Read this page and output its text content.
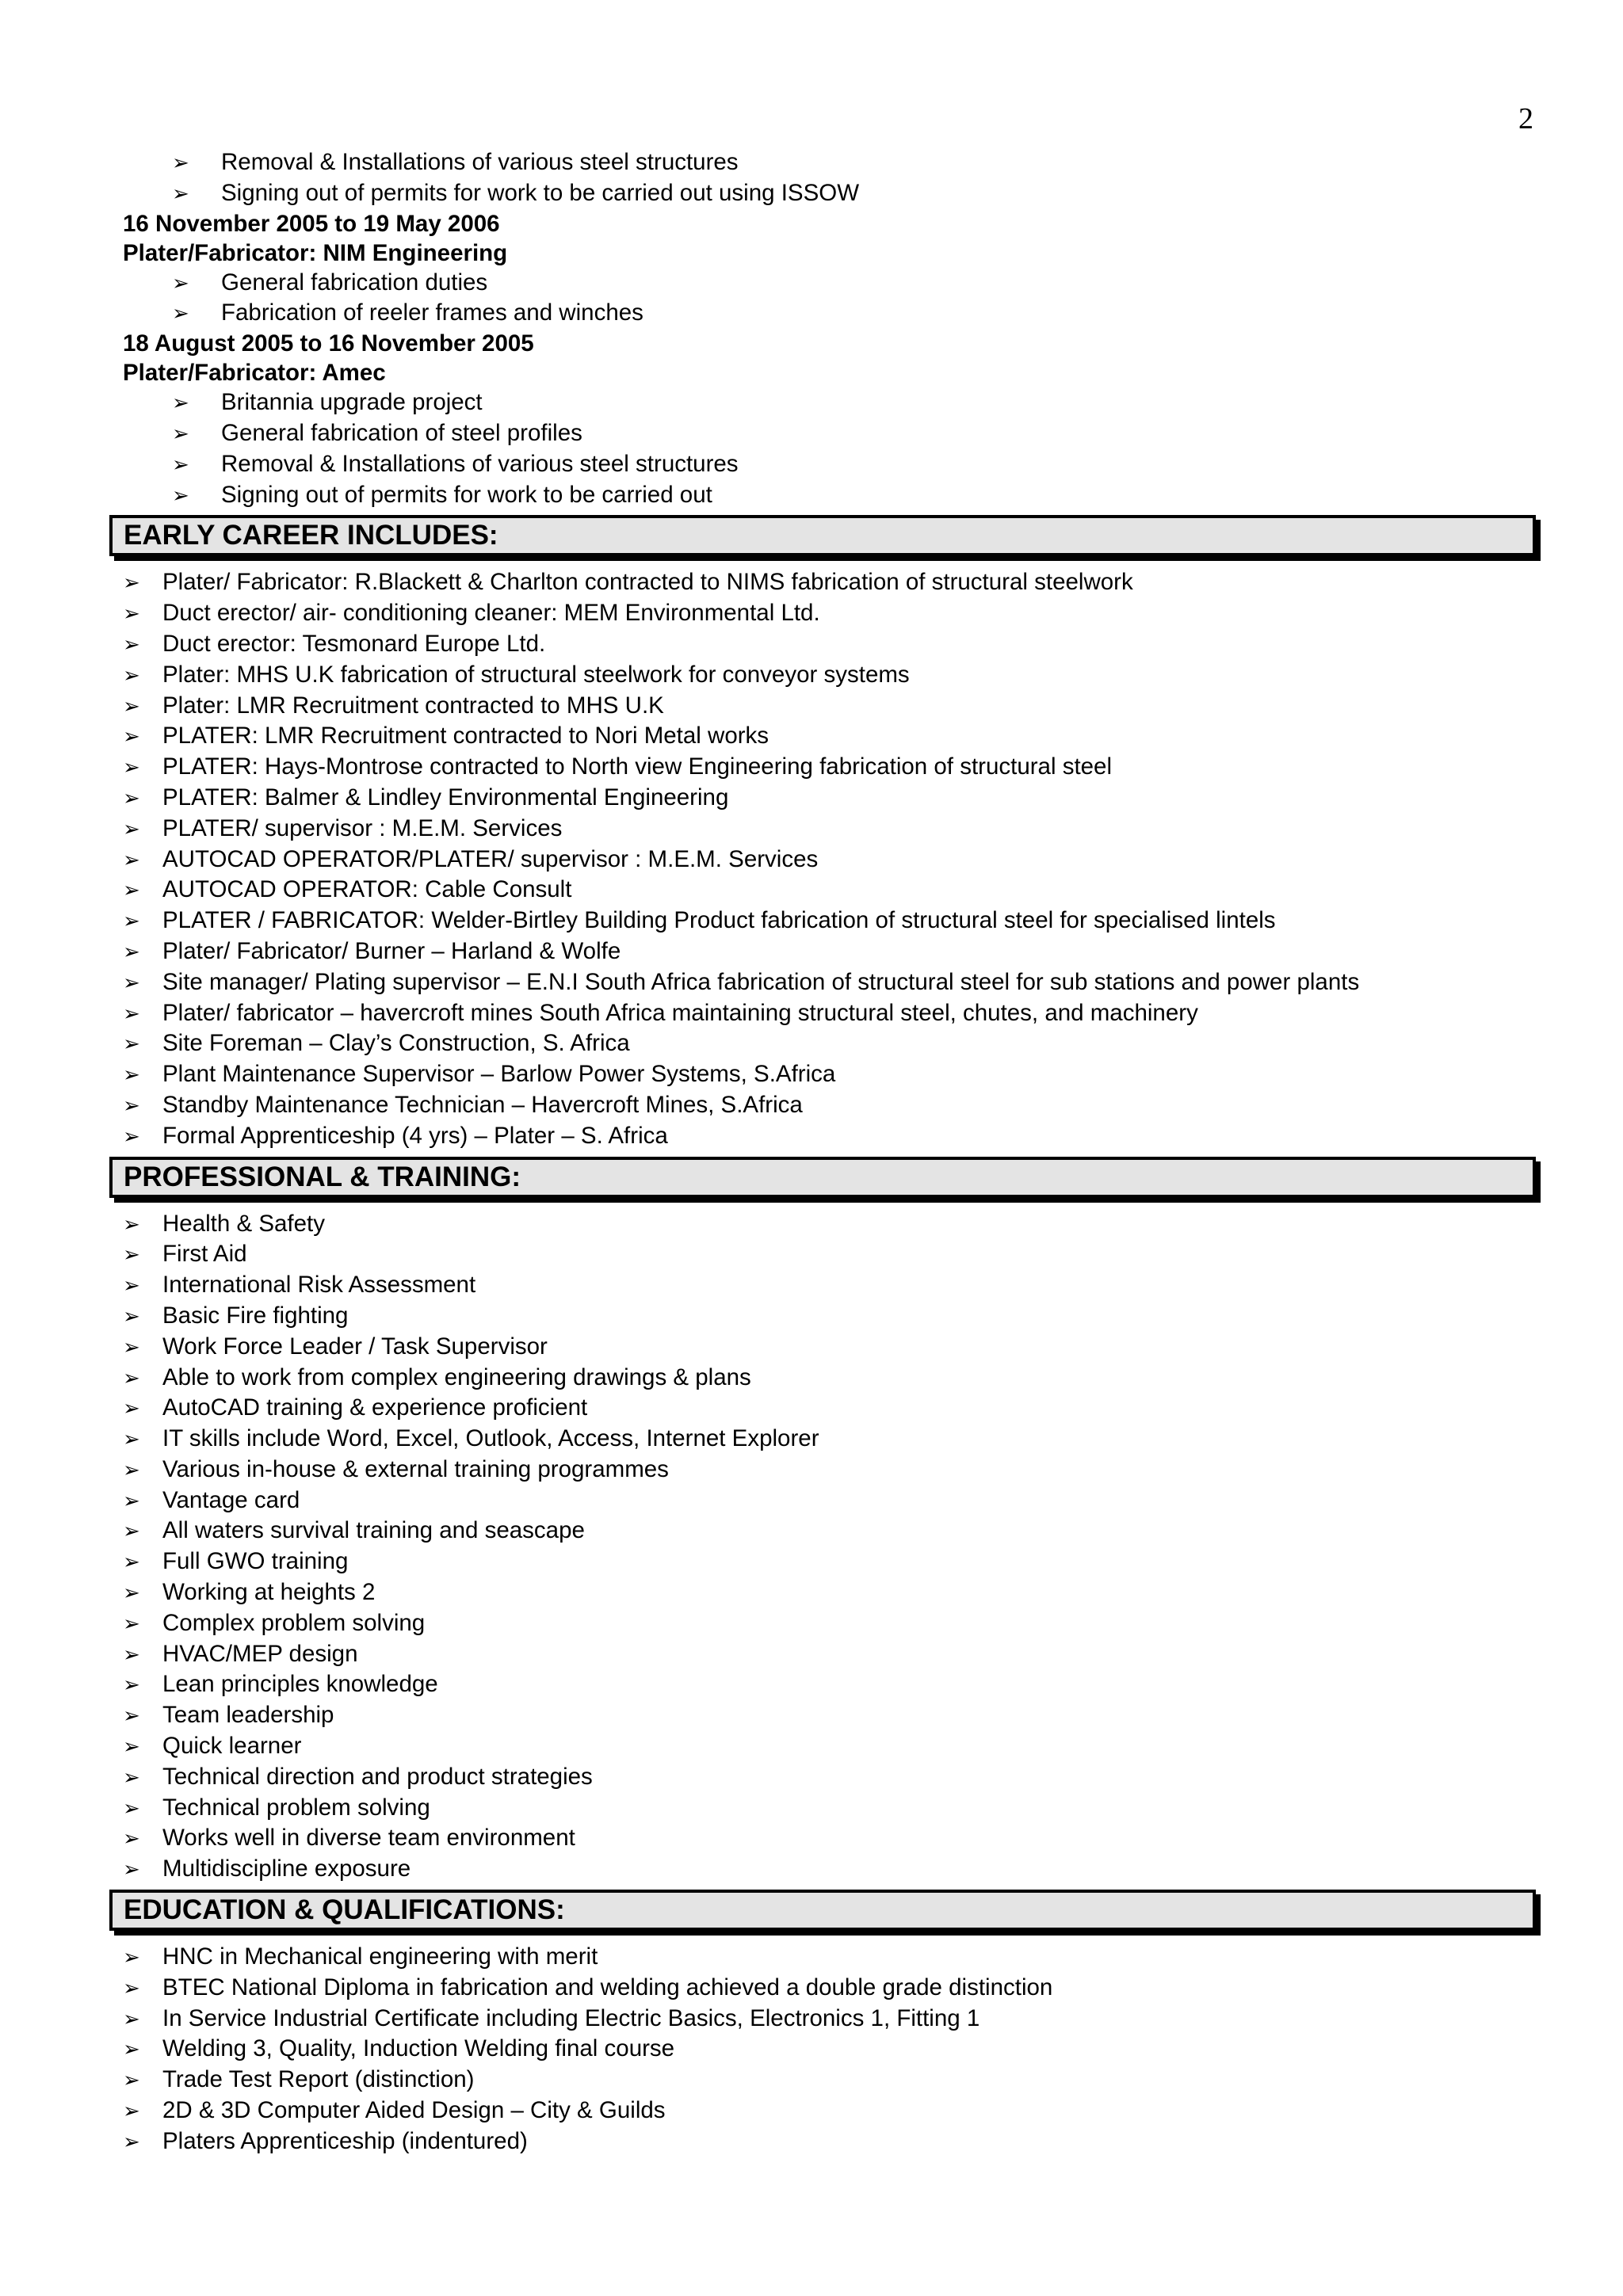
2
➢ Removal & Installations of various steel structures
➢ Signing out of permits for work to be carried out using ISSOW
16 November 2005 to 19 May 2006
Plater/Fabricator: NIM Engineering
➢ General fabrication duties
➢ Fabrication of reeler frames and winches
18 August 2005 to 16 November 2005
Plater/Fabricator: Amec
➢ Britannia upgrade project
➢ General fabrication of steel profiles
➢ Removal & Installations of various steel structures
➢ Signing out of permits for work to be carried out
EARLY CAREER INCLUDES:
➢ Plater/ Fabricator: R.Blackett & Charlton contracted to NIMS fabrication of structural steelwork
➢ Duct erector/ air- conditioning cleaner: MEM Environmental Ltd.
➢ Duct erector: Tesmonard Europe Ltd.
➢ Plater: MHS U.K fabrication of structural steelwork for conveyor systems
➢ Plater: LMR Recruitment contracted to MHS U.K
➢ PLATER: LMR Recruitment contracted to Nori Metal works
➢ PLATER: Hays-Montrose contracted to North view Engineering fabrication of structural steel
➢ PLATER: Balmer & Lindley Environmental Engineering
➢ PLATER/ supervisor : M.E.M. Services
➢ AUTOCAD OPERATOR/PLATER/ supervisor : M.E.M. Services
➢ AUTOCAD OPERATOR: Cable Consult
➢ PLATER / FABRICATOR: Welder-Birtley Building Product fabrication of structural steel for specialised lintels
➢ Plater/ Fabricator/ Burner – Harland & Wolfe
➢ Site manager/ Plating supervisor – E.N.I South Africa fabrication of structural steel for sub stations and power plants
➢ Plater/ fabricator – havercroft mines South Africa maintaining structural steel, chutes, and machinery
➢ Site Foreman – Clay’s Construction, S. Africa
➢ Plant Maintenance Supervisor – Barlow Power Systems, S.Africa
➢ Standby Maintenance Technician – Havercroft Mines, S.Africa
➢ Formal Apprenticeship (4 yrs) – Plater – S. Africa
PROFESSIONAL & TRAINING:
➢ Health & Safety
➢ First Aid
➢ International Risk Assessment
➢ Basic Fire fighting
➢ Work Force Leader / Task Supervisor
➢ Able to work from complex engineering drawings & plans
➢ AutoCAD training & experience proficient
➢ IT skills include Word, Excel, Outlook, Access, Internet Explorer
➢ Various in-house & external training programmes
➢ Vantage card
➢ All waters survival training and seascape
➢ Full GWO training
➢ Working at heights 2
➢ Complex problem solving
➢ HVAC/MEP design
➢ Lean principles knowledge
➢ Team leadership
➢ Quick learner
➢ Technical direction and product strategies
➢ Technical problem solving
➢ Works well in diverse team environment
➢ Multidiscipline exposure
EDUCATION & QUALIFICATIONS:
➢ HNC in Mechanical engineering with merit
➢ BTEC National Diploma in fabrication and welding achieved a double grade distinction
➢ In Service Industrial Certificate including Electric Basics, Electronics 1, Fitting 1
➢ Welding 3, Quality, Induction Welding final course
➢ Trade Test Report (distinction)
➢ 2D & 3D Computer Aided Design – City & Guilds
➢ Platers Apprenticeship (indentured)
